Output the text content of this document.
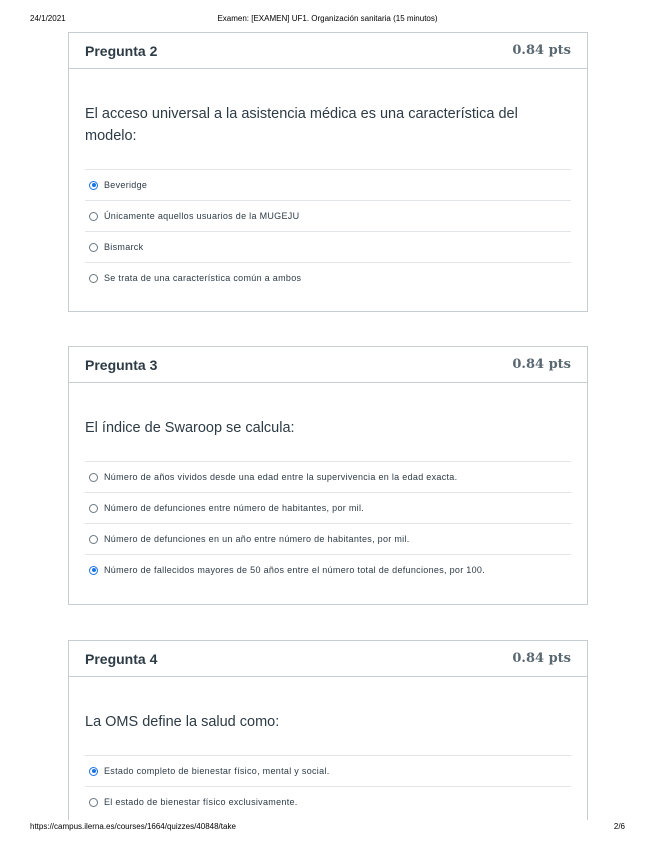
24/1/2021	Examen: [EXAMEN] UF1. Organización sanitaria (15 minutos)
Pregunta 2	0.84 pts
El acceso universal a la asistencia médica es una característica del modelo:
Beveridge
Únicamente aquellos usuarios de la MUGEJU
Bismarck
Se trata de una característica común a ambos
Pregunta 3	0.84 pts
El índice de Swaroop se calcula:
Número de años vividos desde una edad entre la supervivencia en la edad exacta.
Número de defunciones entre número de habitantes, por mil.
Número de defunciones en un año entre número de habitantes, por mil.
Número de fallecidos mayores de 50 años entre el número total de defunciones, por 100.
Pregunta 4	0.84 pts
La OMS define la salud como:
Estado completo de bienestar físico, mental y social.
El estado de bienestar físico exclusivamente.
https://campus.ilerna.es/courses/1664/quizzes/40848/take	2/6
